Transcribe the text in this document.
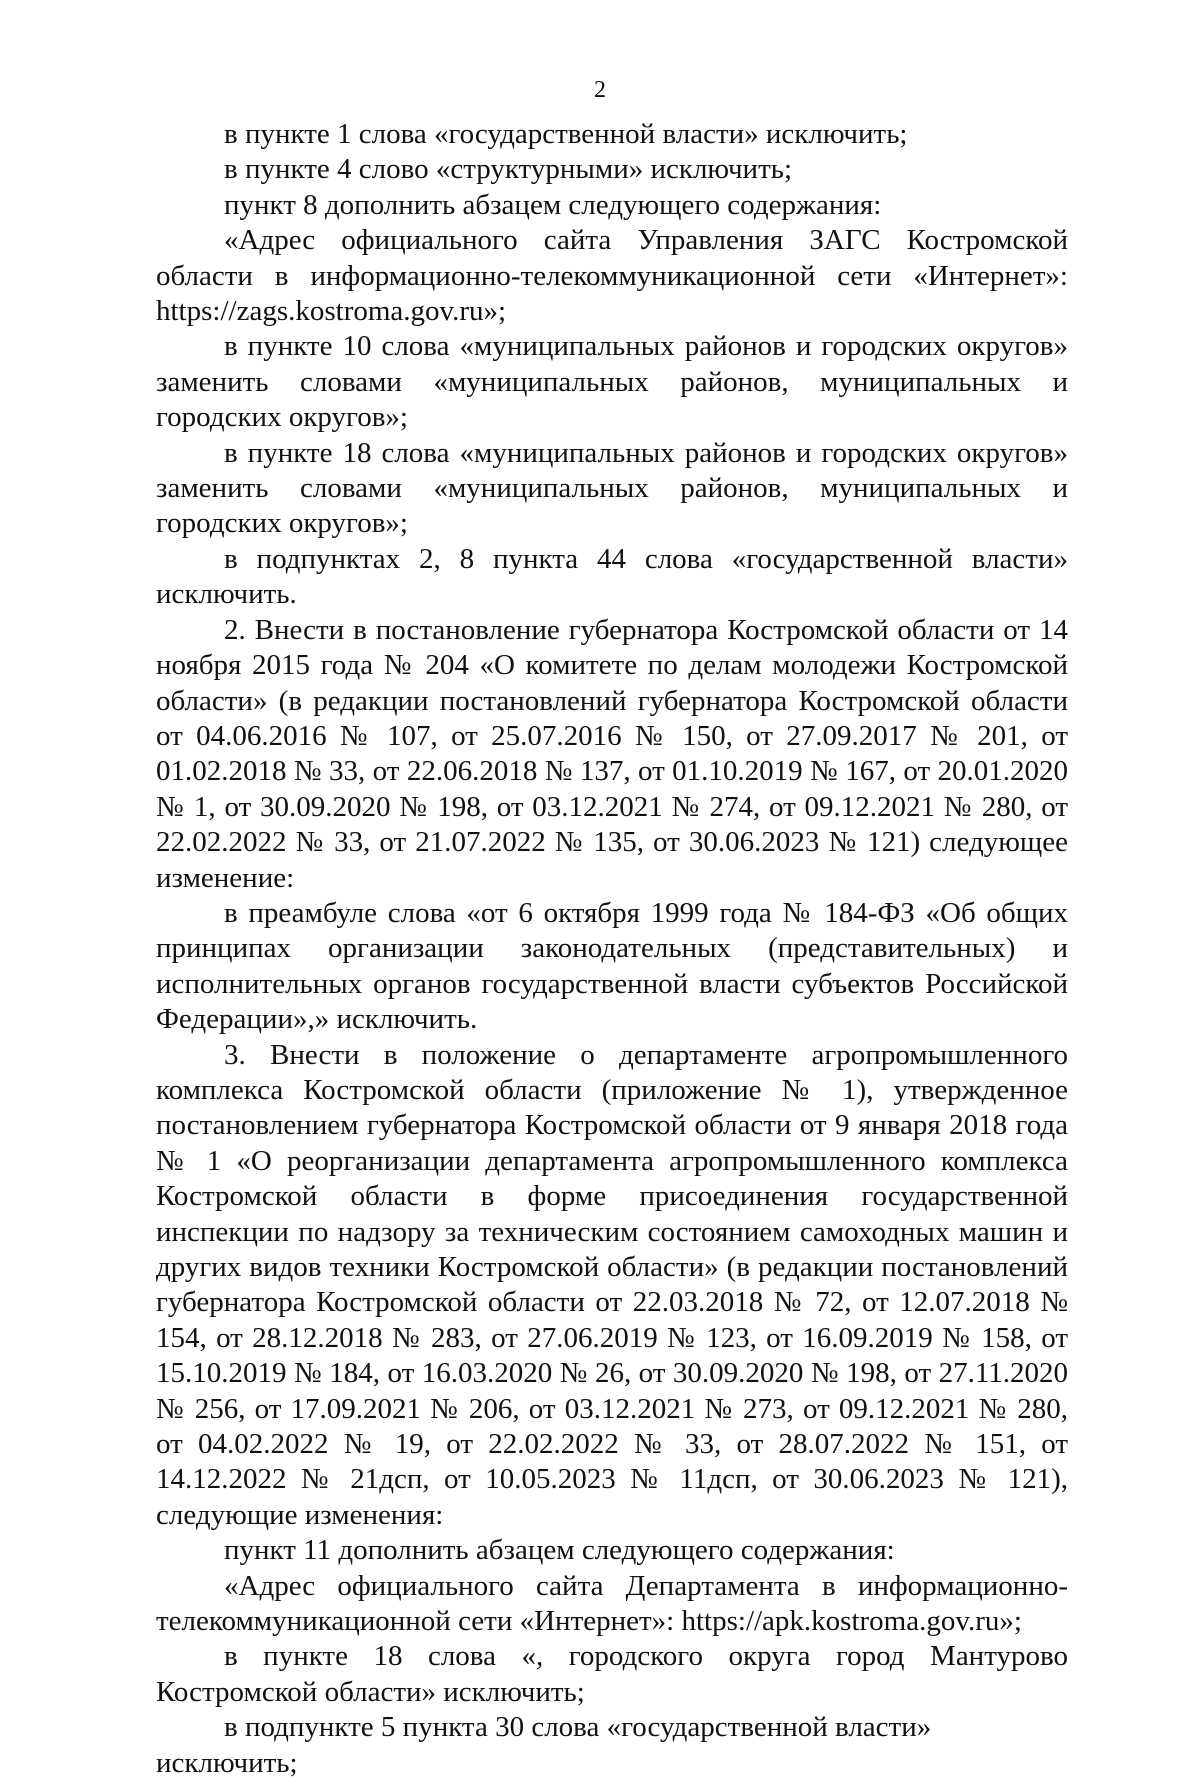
2

в пункте 1 слова «государственной власти» исключить;

в пункте 4 слово «структурными» исключить;

пункт 8 дополнить абзацем следующего содержания:

«Адрес официального сайта Управления ЗАГС Костромской области в информационно-телекоммуникационной сети «Интернет»: https://zags.kostroma.gov.ru»;

в пункте 10 слова «муниципальных районов и городских округов» заменить словами «муниципальных районов, муниципальных и городских округов»;

в пункте 18 слова «муниципальных районов и городских округов» заменить словами «муниципальных районов, муниципальных и городских округов»;

в подпунктах 2, 8 пункта 44 слова «государственной власти» исключить.

2. Внести в постановление губернатора Костромской области от 14 ноября 2015 года № 204 «О комитете по делам молодежи Костромской области» (в редакции постановлений губернатора Костромской области от 04.06.2016 № 107, от 25.07.2016 № 150, от 27.09.2017 № 201, от 01.02.2018 № 33, от 22.06.2018 № 137, от 01.10.2019 № 167, от 20.01.2020 № 1, от 30.09.2020 № 198, от 03.12.2021 № 274, от 09.12.2021 № 280, от 22.02.2022 № 33, от 21.07.2022 № 135, от 30.06.2023 № 121) следующее изменение:

в преамбуле слова «от 6 октября 1999 года № 184-ФЗ «Об общих принципах организации законодательных (представительных) и исполнительных органов государственной власти субъектов Российской Федерации»,» исключить.

3. Внести в положение о департаменте агропромышленного комплекса Костромской области (приложение № 1), утвержденное постановлением губернатора Костромской области от 9 января 2018 года № 1 «О реорганизации департамента агропромышленного комплекса Костромской области в форме присоединения государственной инспекции по надзору за техническим состоянием самоходных машин и других видов техники Костромской области» (в редакции постановлений губернатора Костромской области от 22.03.2018 № 72, от 12.07.2018 № 154, от 28.12.2018 № 283, от 27.06.2019 № 123, от 16.09.2019 № 158, от 15.10.2019 № 184, от 16.03.2020 № 26, от 30.09.2020 № 198, от 27.11.2020 № 256, от 17.09.2021 № 206, от 03.12.2021 № 273, от 09.12.2021 № 280, от 04.02.2022 № 19, от 22.02.2022 № 33, от 28.07.2022 № 151, от 14.12.2022 № 21дсп, от 10.05.2023 № 11дсп, от 30.06.2023 № 121), следующие изменения:

пункт 11 дополнить абзацем следующего содержания:

«Адрес официального сайта Департамента в информационно-телекоммуникационной сети «Интернет»: https://apk.kostroma.gov.ru»;

в пункте 18 слова «, городского округа город Мантурово Костромской области» исключить;

в подпункте 5 пункта 30 слова «государственной власти» исключить;
